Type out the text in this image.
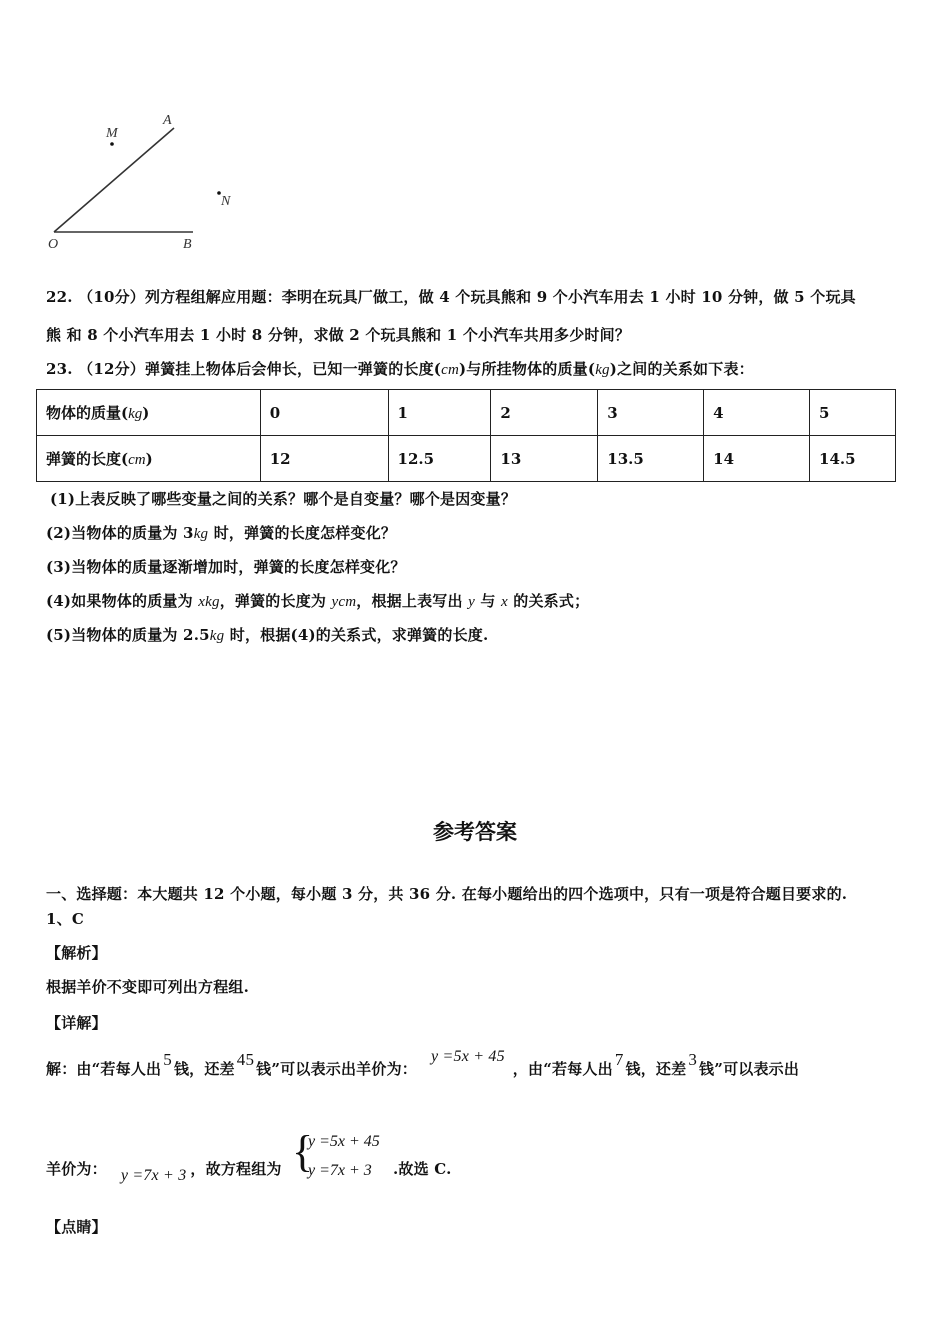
M
A
N
O	B
22. （10分）列方程组解应用题：李明在玩具厂做工，做 4 个玩具熊和 9 个小汽车用去 1 小时 10 分钟，做 5 个玩具
熊 和 8 个小汽车用去 1 小时 8 分钟，求做 2 个玩具熊和 1 个小汽车共用多少时间？
23. （12分）弹簧挂上物体后会伸长，已知一弹簧的长度(cm)与所挂物体的质量(kg)之间的关系如下表：
物体的质量(kg)	0	1	2	3	4	5
弹簧的长度(cm)	12	12.5	13	13.5	14	14.5
(1)上表反映了哪些变量之间的关系？哪个是自变量？哪个是因变量？
(2)当物体的质量为 3kg 时，弹簧的长度怎样变化？
(3)当物体的质量逐渐增加时，弹簧的长度怎样变化？
(4)如果物体的质量为 xkg，弹簧的长度为 ycm，根据上表写出 y 与 x 的关系式；
(5)当物体的质量为 2.5kg 时，根据(4)的关系式，求弹簧的长度.
参考答案
一、选择题：本大题共 12 个小题，每小题 3 分，共 36 分. 在每小题给出的四个选项中，只有一项是符合题目要求的.
1、C
【解析】
根据羊价不变即可列出方程组.
【详解】
解：由“若每人出 5 钱，还差 45 钱”可以表示出羊价为：y =5x + 45，由“若每人出 7 钱，还差 3 钱”可以表示出
羊价为： y =7x + 3 ，故方程组为 {
y =5x + 45
y =7x + 3 .故选 C.
【点睛】
